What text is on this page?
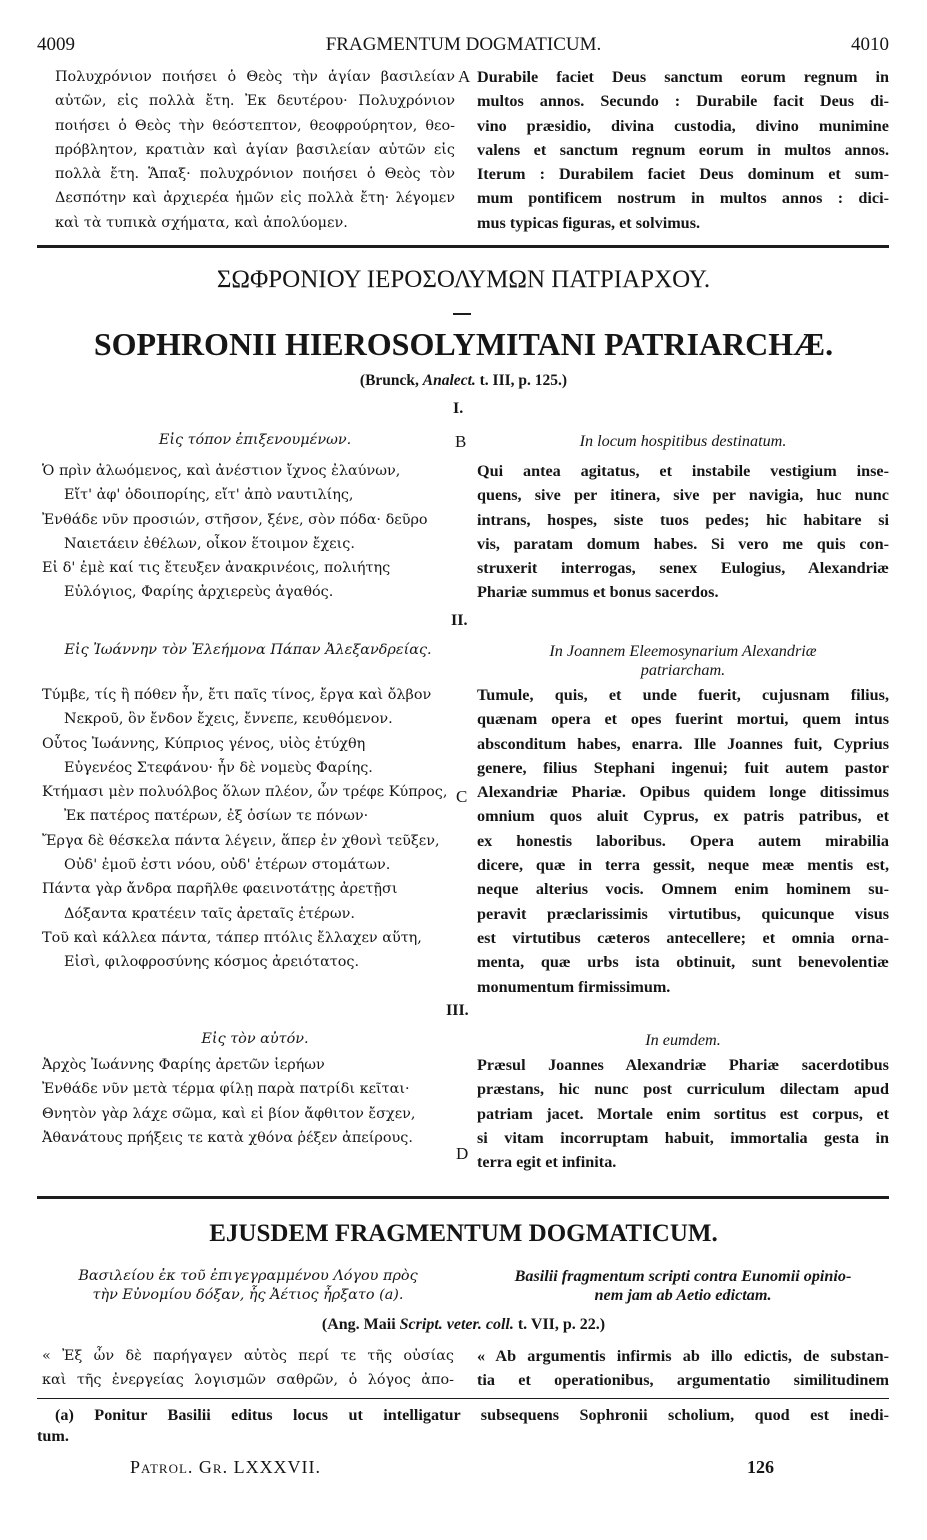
4009	FRAGMENTUM DOGMATICUM.	4010
Πολυχρόνιον ποιήσει ὁ Θεὸς τὴν ἁγίαν βασιλείαν
αὐτῶν, εἰς πολλὰ ἔτη. Ἐκ δευτέρου· Πολυχρόνιον
ποιήσει ὁ Θεὸς τὴν θεόστεπτον, θεοφρούρητον, θεο-
πρόβλητον, κρατιὰν καὶ ἁγίαν βασιλείαν αὐτῶν εἰς
πολλὰ ἔτη. Ἅπαξ· πολυχρόνιον ποιήσει ὁ Θεὸς τὸν
Δεσπότην καὶ ἀρχιερέα ἡμῶν εἰς πολλὰ ἔτη· λέγομεν
καὶ τὰ τυπικὰ σχήματα, καὶ ἀπολύομεν.
A Durabile faciet Deus sanctum eorum regnum in
multos annos. Secundo : Durabile facit Deus di-
vino præsidio, divina custodia, divino munimine
valens et sanctum regnum eorum in multos annos.
Iterum : Durabilem faciet Deus dominum et sum-
mum pontificem nostrum in multos annos : dici-
mus typicas figuras, et solvimus.
ΣΩΦΡΟΝΙΟΥ ΙΕΡΟΣΟΛΥΜΩΝ ΠΑΤΡΙΑΡΧΟΥ.
SOPHRONII HIEROSOLYMITANI PATRIARCHÆ.
(Brunck, Analect. t. III, p. 125.)
I.
Εἰς τόπον ἐπιξενουμένων.	B	In locum hospitibus destinatum.
Ὁ πρὶν ἀλωόμενος, καὶ ἀνέστιον ἴχνος ἐλαύνων,
Εἴτ' ἀφ' ὁδοιπορίης, εἴτ' ἀπὸ ναυτιλίης,
Ἐνθάδε νῦν προσιών, στῆσον, ξένε, σὸν πόδα· δεῦρο
Ναιετάειν ἐθέλων, οἶκον ἕτοιμον ἔχεις.
Εἰ δ' ἐμὲ καί τις ἔτευξεν ἀνακρινέοις, πολιήτης
Εὐλόγιος, Φαρίης ἀρχιερεὺς ἀγαθός.
Qui antea agitatus, et instabile vestigium inse-
quens, sive per itinera, sive per navigia, huc nunc
intrans, hospes, siste tuos pedes; hic habitare si
vis, paratam domum habes. Si vero me quis con-
struxerit interrogas, senex Eulogius, Alexandriæ
Phariæ summus et bonus sacerdos.
II.
Εἰς Ἰωάννην τὸν Ἐλεήμονα Πάπαν Ἀλεξανδρείας.	In Joannem Eleemosynarium Alexandriæ
patriarcham.
Τύμβε, τίς ἢ πόθεν ἦν, ἔτι παῖς τίνος, ἔργα καὶ ὄλβον
Νεκροῦ, ὃν ἔνδον ἔχεις, ἔννεπε, κευθόμενον.
Οὗτος Ἰωάννης, Κύπριος γένος, υἱὸς ἐτύχθη
Εὐγενέος Στεφάνου· ἦν δὲ νομεὺς Φαρίης.
Κτήμασι μὲν πολυόλβος ὅλων πλέον, ὧν τρέφε Κύπρος,
Ἐκ πατέρος πατέρων, ἐξ ὁσίων τε πόνων·
Ἔργα δὲ θέσκελα πάντα λέγειν, ἅπερ ἐν χθονὶ τεῦξεν,
Οὐδ' ἐμοῦ ἐστι νόου, οὐδ' ἑτέρων στομάτων.
Πάντα γὰρ ἄνδρα παρῆλθε φαεινοτάτῃς ἀρετῇσι
Δόξαντα κρατέειν ταῖς ἀρεταῖς ἑτέρων.
Τοῦ καὶ κάλλεα πάντα, τάπερ πτόλις ἔλλαχεν αὕτη,
Εἰσὶ, φιλοφροσύνης κόσμος ἀρειότατος.
C
Tumule, quis, et unde fuerit, cujusnam filius,
quænam opera et opes fuerint mortui, quem intus
absconditum habes, enarra. Ille Joannes fuit, Cyprius
genere, filius Stephani ingenui; fuit autem pastor
Alexandriæ Phariæ. Opibus quidem longe ditissimus
omnium quos aluit Cyprus, ex patris patribus, et
ex honestis laboribus. Opera autem mirabilia
dicere, quæ in terra gessit, neque meæ mentis est,
neque alterius vocis. Omnem enim hominem su-
peravit præclarissimis virtutibus, quicunque visus
est virtutibus cæteros antecellere; et omnia orna-
menta, quæ urbs ista obtinuit, sunt benevolentiæ
monumentum firmissimum.
III.
Εἰς τὸν αὐτόν.	In eumdem.
Ἀρχὸς Ἰωάννης Φαρίης ἀρετῶν ἱερήων
Ἐνθάδε νῦν μετὰ τέρμα φίλῃ παρὰ πατρίδι κεῖται·
Θνητὸν γὰρ λάχε σῶμα, καὶ εἰ βίον ἄφθιτον ἔσχεν,
Ἀθανάτους πρήξεις τε κατὰ χθόνα ῥέξεν ἀπείρους.
D
Præsul Joannes Alexandriæ Phariæ sacerdotibus
præstans, hic nunc post curriculum dilectam apud
patriam jacet. Mortale enim sortitus est corpus, et
si vitam incorruptam habuit, immortalia gesta in
terra egit et infinita.
EJUSDEM FRAGMENTUM DOGMATICUM.
Βασιλείου ἐκ τοῦ ἐπιγεγραμμένου Λόγου πρὸς
τὴν Εὐνομίου δόξαν, ἧς Ἀέτιος ἦρξατο (a).
Basilii fragmentum scripti contra Eunomii opinio-
nem jam ab Aetio edictam.
(Ang. Maii Script. veter. coll. t. VII, p. 22.)
« Ἐξ ὧν δὲ παρήγαγεν αὐτὸς περί τε τῆς οὐσίας
καὶ τῆς ἐνεργείας λογισμῶν σαθρῶν, ὁ λόγος ἀπο-
« Ab argumentis infirmis ab illo edictis, de substan-
tia et operationibus, argumentatio similitudinem
(a) Ponitur Basilii editus locus ut intelligatur subsequens Sophronii scholium, quod est inedi-
tum.
Patrol. Gr. LXXXVII.	126
